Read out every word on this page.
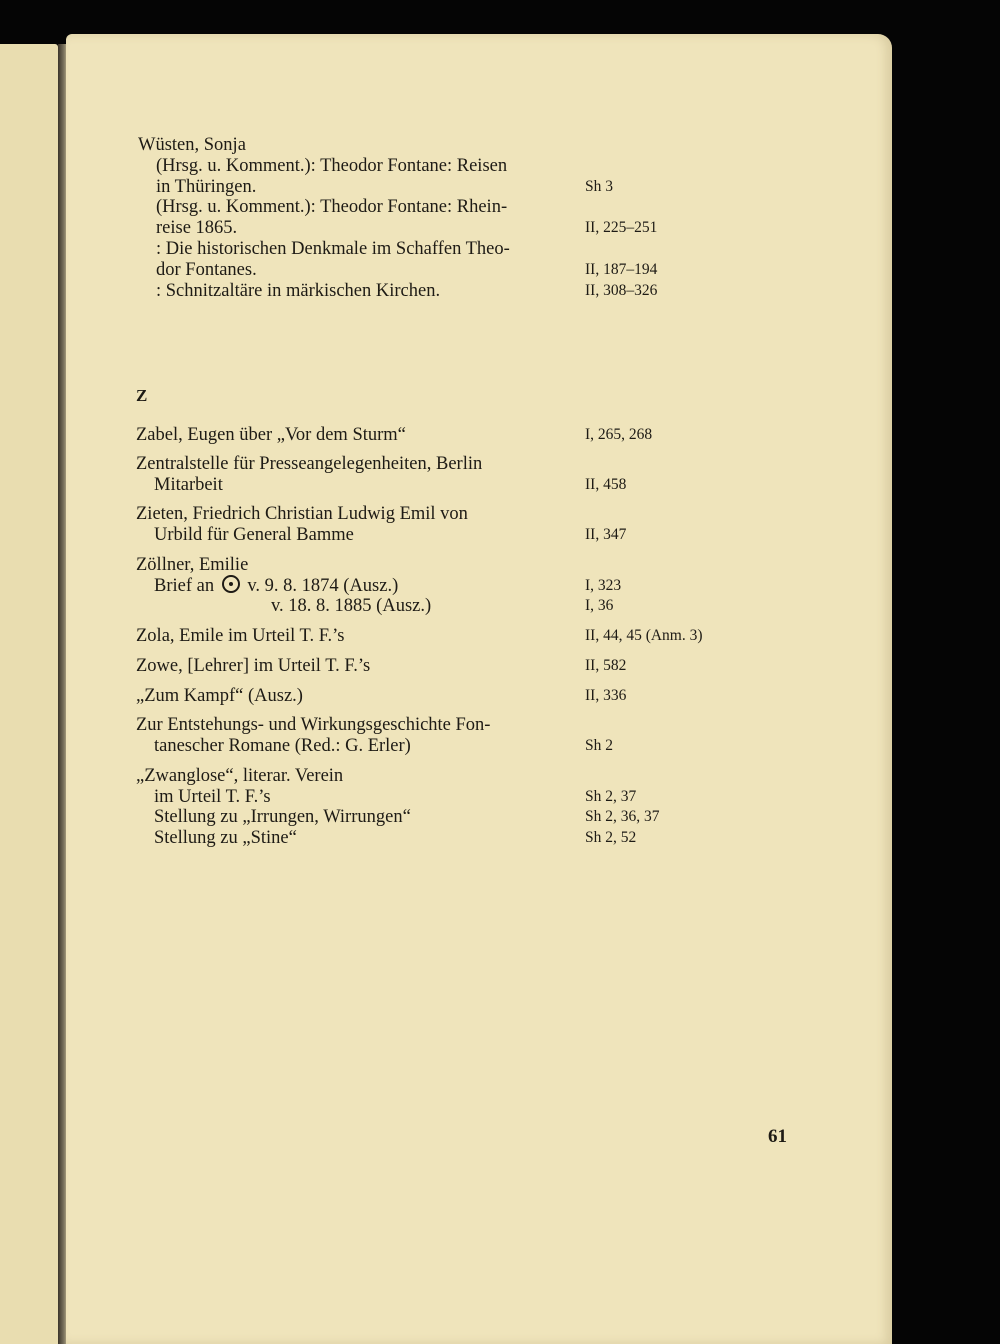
Wüsten, Sonja
(Hrsg. u. Komment.): Theodor Fontane: Reisen
in Thüringen.	Sh 3
(Hrsg. u. Komment.): Theodor Fontane: Rhein-
reise 1865.	II, 225–251
: Die historischen Denkmale im Schaffen Theo-
dor Fontanes.	II, 187–194
: Schnitzaltäre in märkischen Kirchen.	II, 308–326
Z
Zabel, Eugen über „Vor dem Sturm“	I, 265, 268
Zentralstelle für Presseangelegenheiten, Berlin
Mitarbeit	II, 458
Zieten, Friedrich Christian Ludwig Emil von
Urbild für General Bamme	II, 347
Zöllner, Emilie
Brief an v. 9. 8. 1874 (Ausz.)	I, 323
v. 18. 8. 1885 (Ausz.)	I, 36
Zola, Emile im Urteil T. F.’s	II, 44, 45 (Anm. 3)
Zowe, [Lehrer] im Urteil T. F.’s	II, 582
„Zum Kampf“ (Ausz.)	II, 336
Zur Entstehungs- und Wirkungsgeschichte Fon-
tanescher Romane (Red.: G. Erler)	Sh 2
„Zwanglose“, literar. Verein
im Urteil T. F.’s	Sh 2, 37
Stellung zu „Irrungen, Wirrungen“	Sh 2, 36, 37
Stellung zu „Stine“	Sh 2, 52
61
